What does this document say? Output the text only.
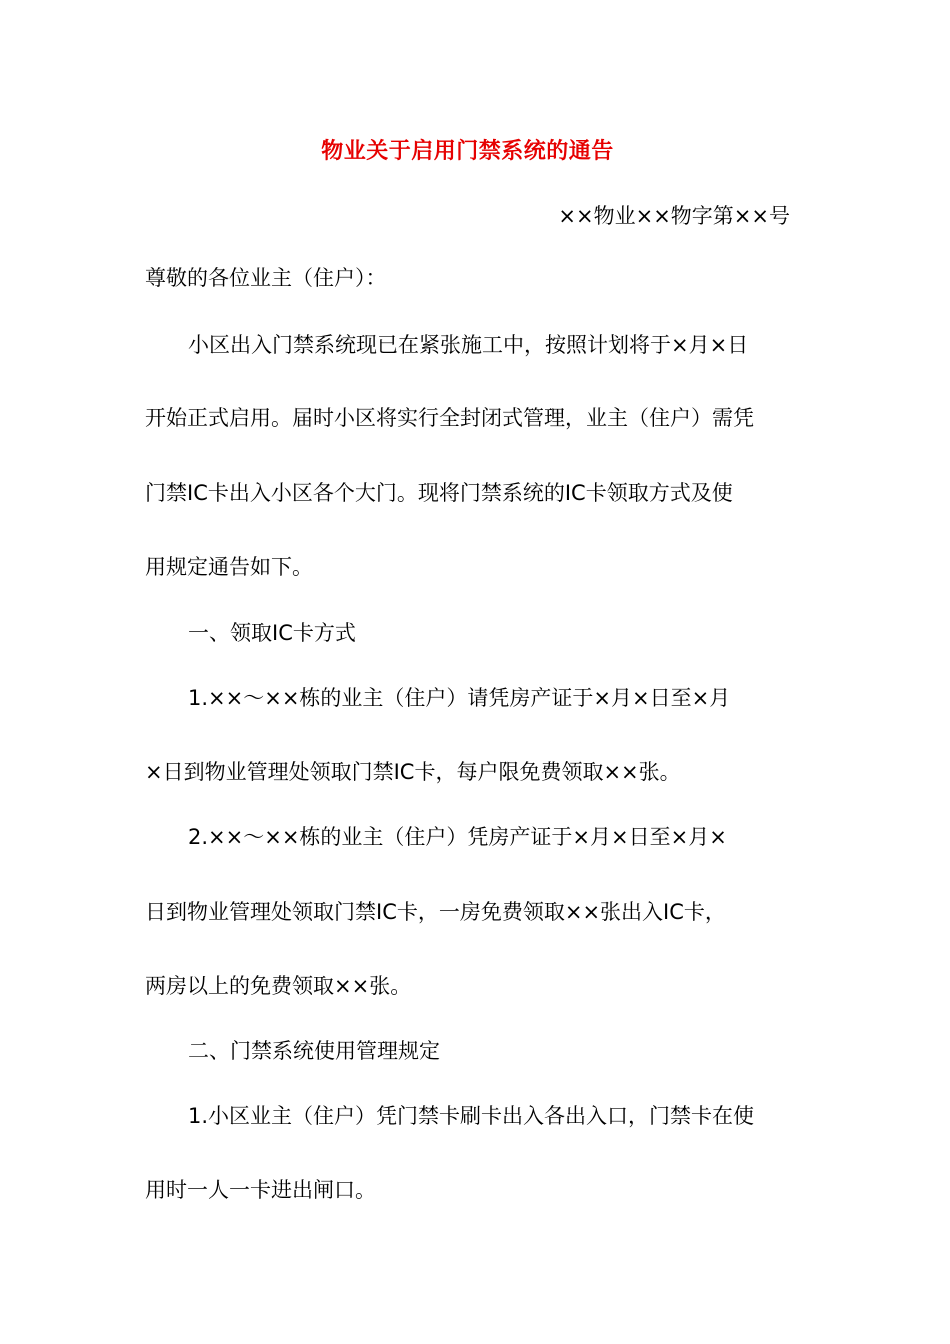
物业关于启用门禁系统的通告
××物业××物字第××号
尊敬的各位业主（住户）：
小区出入门禁系统现已在紧张施工中，按照计划将于×月×日
开始正式启用。届时小区将实行全封闭式管理，业主（住户）需凭
门禁IC卡出入小区各个大门。现将门禁系统的IC卡领取方式及使
用规定通告如下。
一、领取IC卡方式
1.××～××栋的业主（住户）请凭房产证于×月×日至×月
×日到物业管理处领取门禁IC卡，每户限免费领取××张。
2.××～××栋的业主（住户）凭房产证于×月×日至×月×
日到物业管理处领取门禁IC卡，一房免费领取××张出入IC卡，
两房以上的免费领取××张。
二、门禁系统使用管理规定
1.小区业主（住户）凭门禁卡刷卡出入各出入口，门禁卡在使
用时一人一卡进出闸口。
